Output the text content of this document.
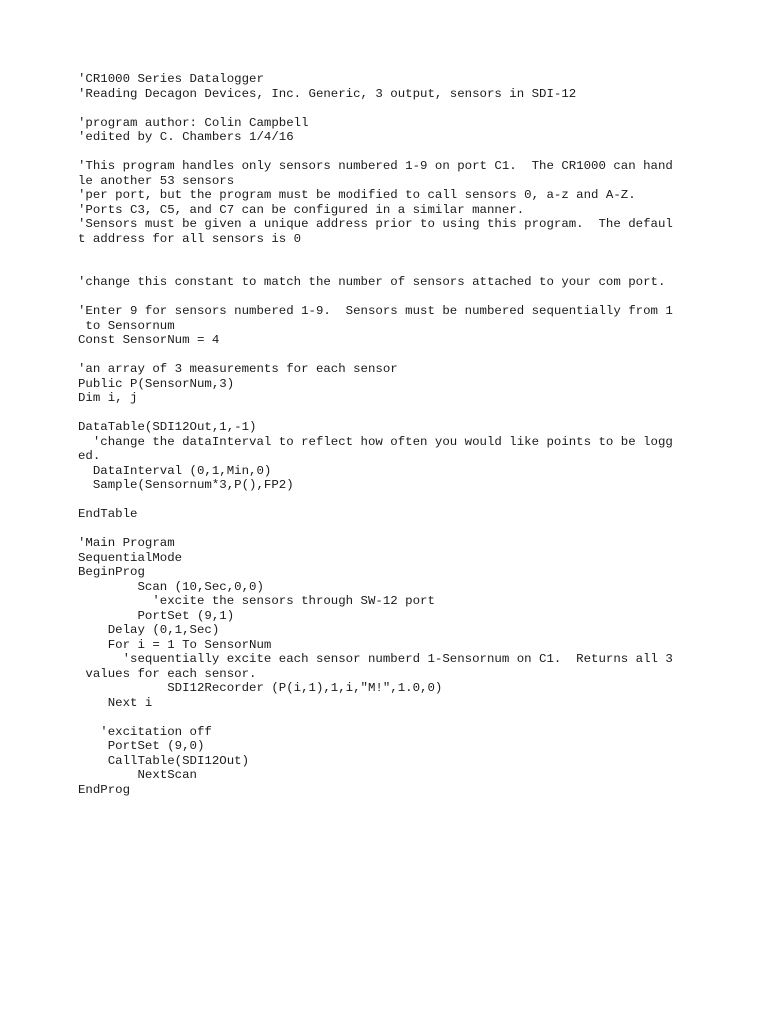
'CR1000 Series Datalogger
'Reading Decagon Devices, Inc. Generic, 3 output, sensors in SDI-12
'program author: Colin Campbell
'edited by C. Chambers 1/4/16
'This program handles only sensors numbered 1-9 on port C1.  The CR1000 can hand
le another 53 sensors
'per port, but the program must be modified to call sensors 0, a-z and A-Z.
'Ports C3, C5, and C7 can be configured in a similar manner.
'Sensors must be given a unique address prior to using this program.  The defaul
t address for all sensors is 0
'change this constant to match the number of sensors attached to your com port.
'Enter 9 for sensors numbered 1-9.  Sensors must be numbered sequentially from 1
to Sensornum
Const SensorNum = 4
'an array of 3 measurements for each sensor
Public P(SensorNum,3)
Dim i, j
DataTable(SDI12Out,1,-1)
'change the dataInterval to reflect how often you would like points to be logg
ed.
DataInterval (0,1,Min,0)
Sample(Sensornum*3,P(),FP2)
EndTable
'Main Program
SequentialMode
BeginProg
Scan (10,Sec,0,0)
'excite the sensors through SW-12 port
PortSet (9,1)
Delay (0,1,Sec)
For i = 1 To SensorNum
'sequentially excite each sensor numberd 1-Sensornum on C1.  Returns all 3
values for each sensor.
SDI12Recorder (P(i,1),1,i,"M!",1.0,0)
Next i
'excitation off
PortSet (9,0)
CallTable(SDI12Out)
NextScan
EndProg
